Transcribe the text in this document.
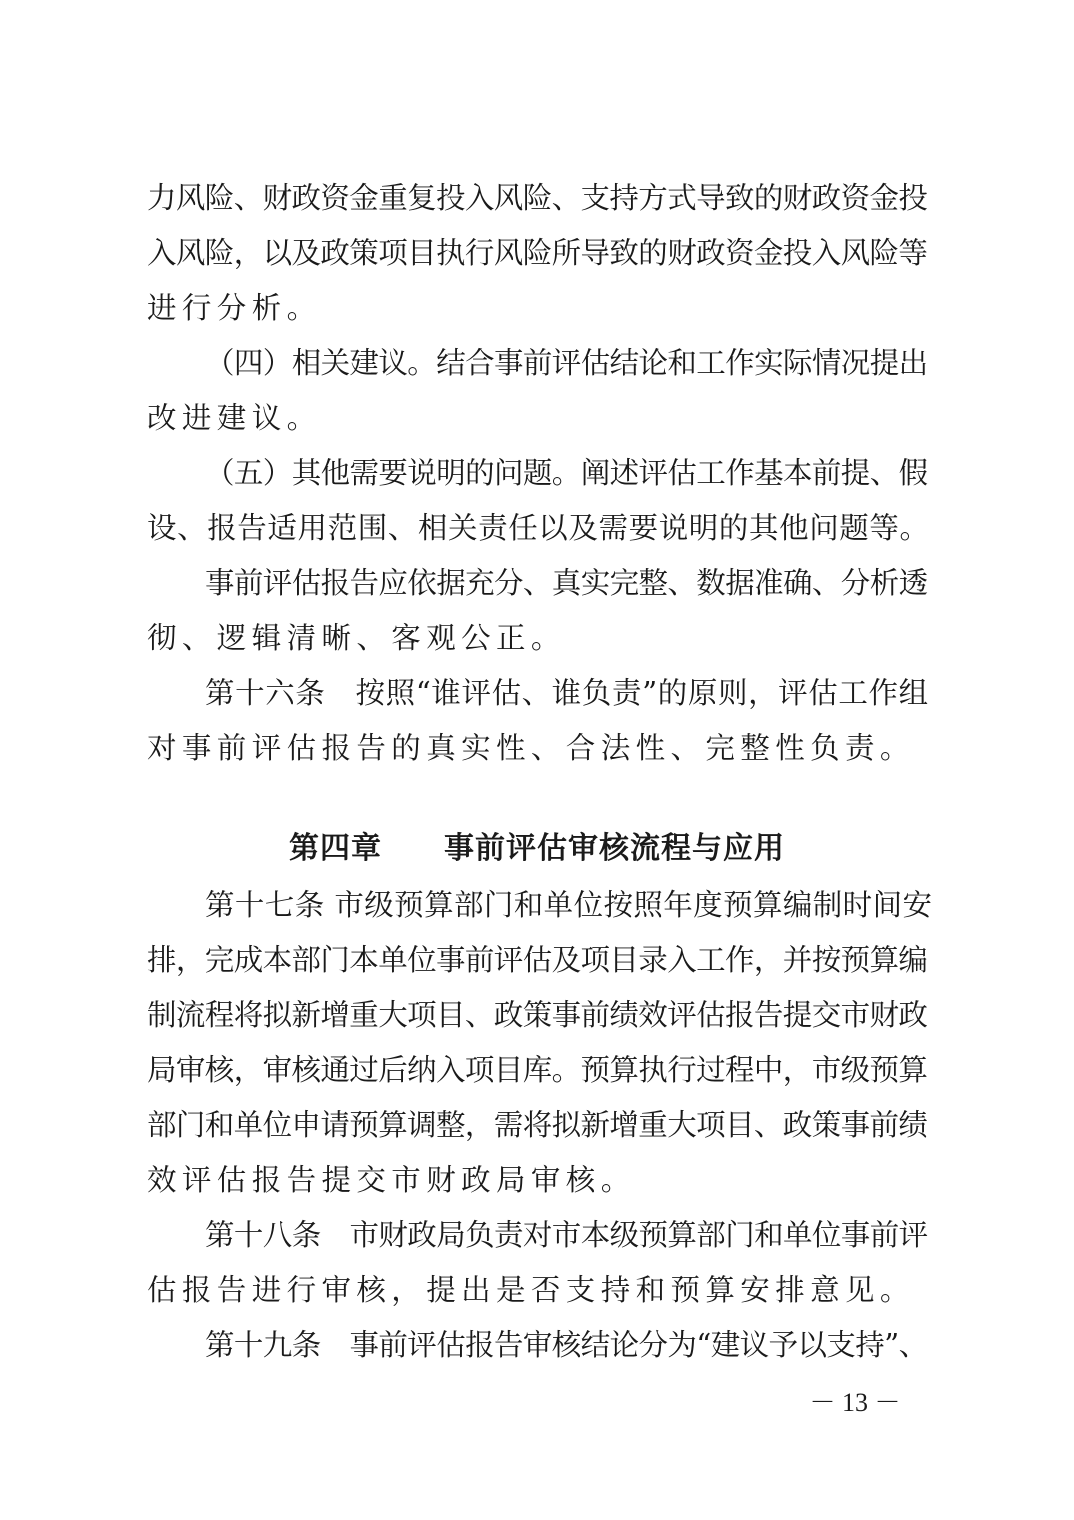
力风险、财政资金重复投入风险、支持方式导致的财政资金投
入风险，以及政策项目执行风险所导致的财政资金投入风险等
进行分析。
（四）相关建议。结合事前评估结论和工作实际情况提出
改进建议。
（五）其他需要说明的问题。阐述评估工作基本前提、假
设、报告适用范围、相关责任以及需要说明的其他问题等。
事前评估报告应依据充分、真实完整、数据准确、分析透
彻、逻辑清晰、客观公正。
第十六条　按照“谁评估、谁负责”的原则，评估工作组
对事前评估报告的真实性、合法性、完整性负责。
第四章　　事前评估审核流程与应用
第十七条 市级预算部门和单位按照年度预算编制时间安
排，完成本部门本单位事前评估及项目录入工作，并按预算编
制流程将拟新增重大项目、政策事前绩效评估报告提交市财政
局审核，审核通过后纳入项目库。预算执行过程中，市级预算
部门和单位申请预算调整，需将拟新增重大项目、政策事前绩
效评估报告提交市财政局审核。
第十八条　市财政局负责对市本级预算部门和单位事前评
估报告进行审核，提出是否支持和预算安排意见。
第十九条　事前评估报告审核结论分为“建议予以支持”、
－ 13 －
